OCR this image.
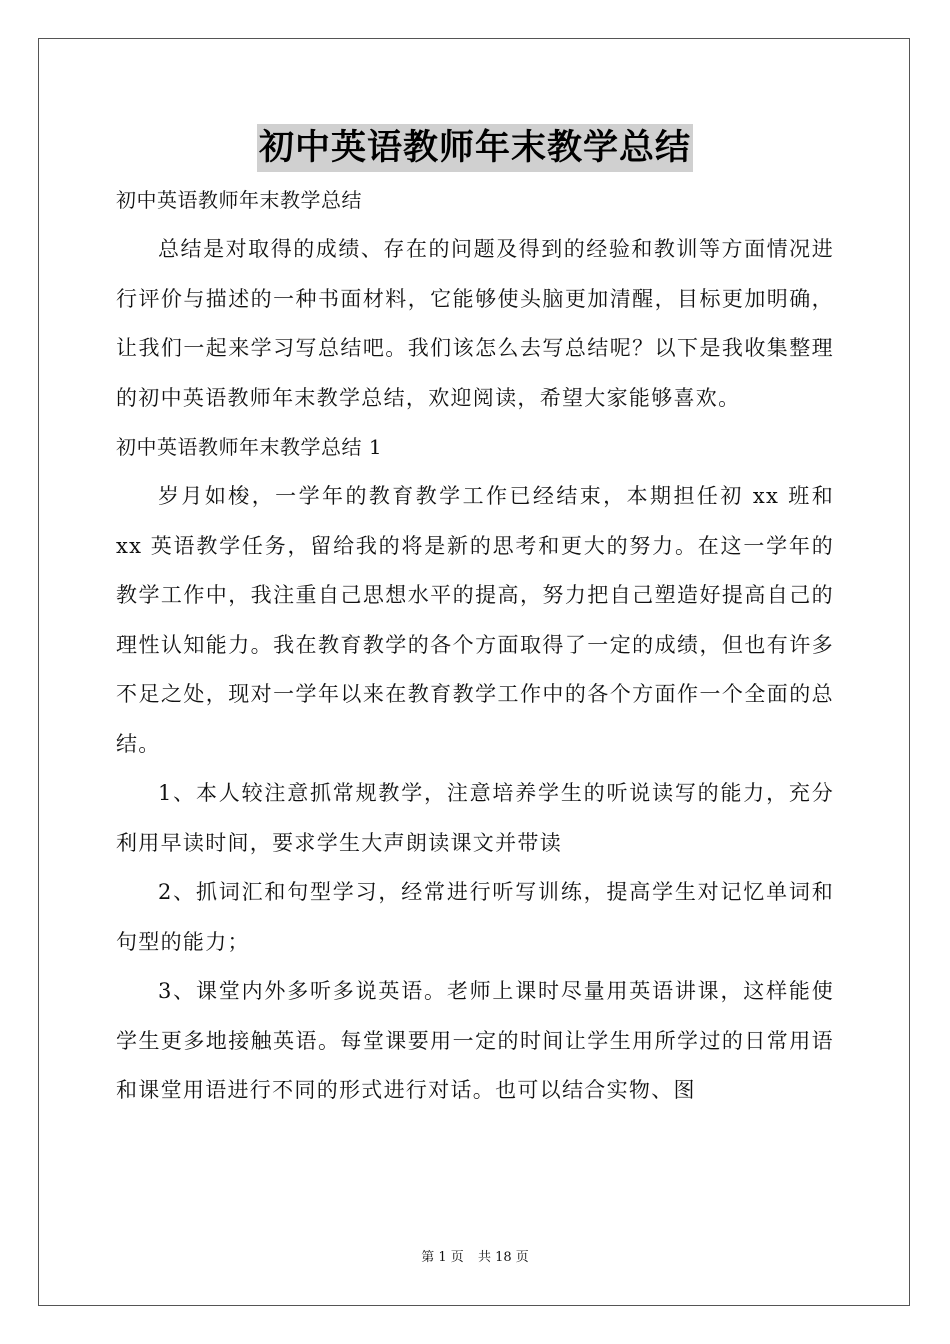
初中英语教师年末教学总结

初中英语教师年末教学总结

总结是对取得的成绩、存在的问题及得到的经验和教训等方面情况进行评价与描述的一种书面材料，它能够使头脑更加清醒，目标更加明确，让我们一起来学习写总结吧。我们该怎么去写总结呢？以下是我收集整理的初中英语教师年末教学总结，欢迎阅读，希望大家能够喜欢。

初中英语教师年末教学总结 1

岁月如梭，一学年的教育教学工作已经结束，本期担任初 xx 班和 xx 英语教学任务，留给我的将是新的思考和更大的努力。在这一学年的教学工作中，我注重自己思想水平的提高，努力把自己塑造好提高自己的理性认知能力。我在教育教学的各个方面取得了一定的成绩，但也有许多不足之处，现对一学年以来在教育教学工作中的各个方面作一个全面的总结。

1、本人较注意抓常规教学，注意培养学生的听说读写的能力，充分利用早读时间，要求学生大声朗读课文并带读

2、抓词汇和句型学习，经常进行听写训练，提高学生对记忆单词和句型的能力；

3、课堂内外多听多说英语。老师上课时尽量用英语讲课，这样能使学生更多地接触英语。每堂课要用一定的时间让学生用所学过的日常用语和课堂用语进行不同的形式进行对话。也可以结合实物、图

第 1 页 共 18 页
